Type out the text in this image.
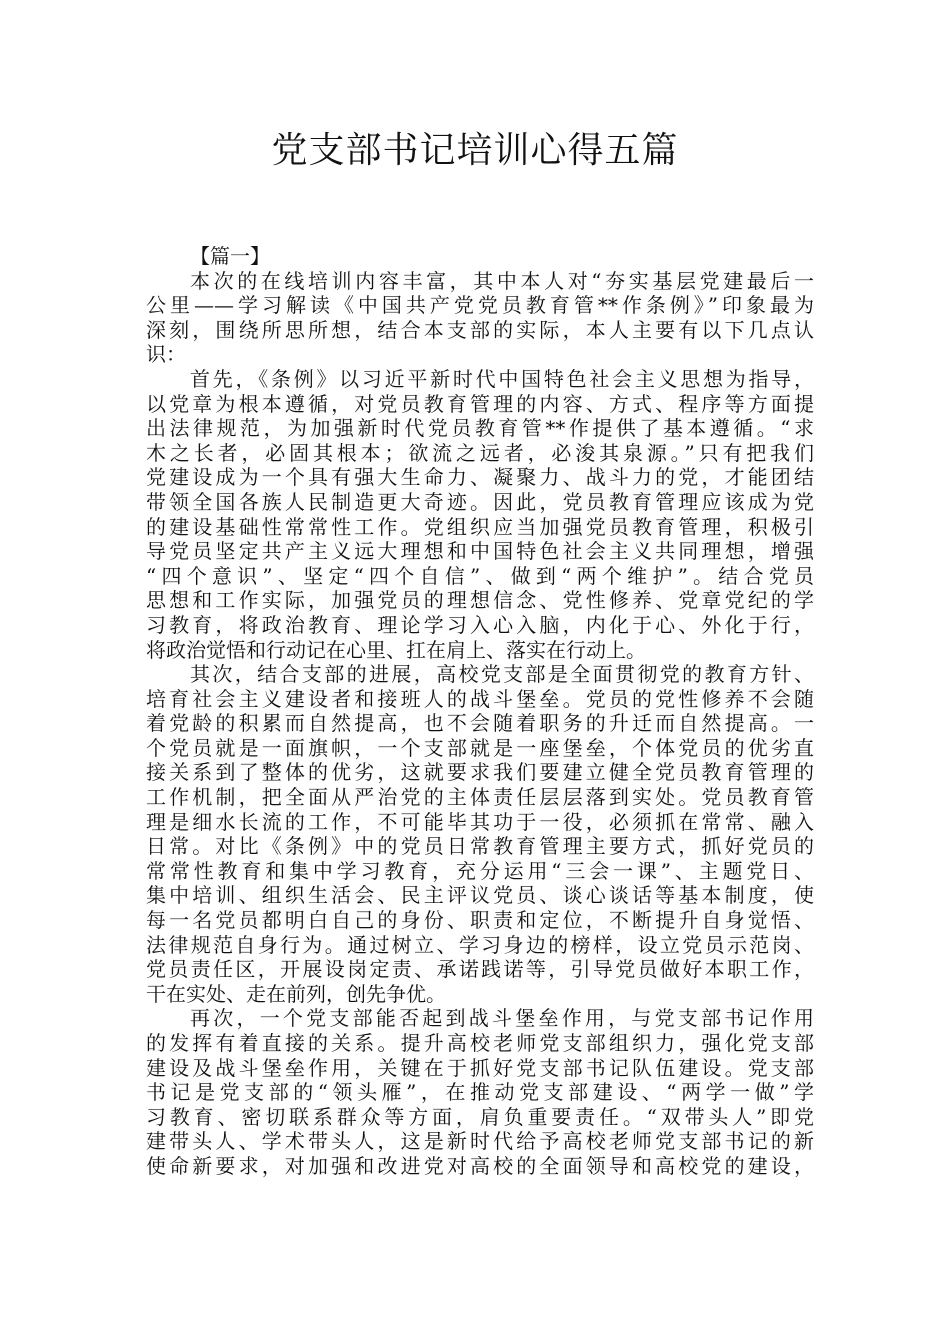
党支部书记培训心得五篇

【篇一】

本次的在线培训内容丰富，其中本人对“夯实基层党建最后一
公里——学习解读《中国共产党党员教育管**作条例》”印象最为
深刻，围绕所思所想，结合本支部的实际，本人主要有以下几点认
识：

首先，《条例》以习近平新时代中国特色社会主义思想为指导，
以党章为根本遵循，对党员教育管理的内容、方式、程序等方面提
出法律规范，为加强新时代党员教育管**作提供了基本遵循。“求
木之长者，必固其根本；欲流之远者，必浚其泉源。”只有把我们
党建设成为一个具有强大生命力、凝聚力、战斗力的党，才能团结
带领全国各族人民制造更大奇迹。因此，党员教育管理应该成为党
的建设基础性常常性工作。党组织应当加强党员教育管理，积极引
导党员坚定共产主义远大理想和中国特色社会主义共同理想，增强
“四个意识”、坚定“四个自信”、做到“两个维护”。结合党员
思想和工作实际，加强党员的理想信念、党性修养、党章党纪的学
习教育，将政治教育、理论学习入心入脑，内化于心、外化于行，
将政治觉悟和行动记在心里、扛在肩上、落实在行动上。

其次，结合支部的进展，高校党支部是全面贯彻党的教育方针、
培育社会主义建设者和接班人的战斗堡垒。党员的党性修养不会随
着党龄的积累而自然提高，也不会随着职务的升迁而自然提高。一
个党员就是一面旗帜，一个支部就是一座堡垒，个体党员的优劣直
接关系到了整体的优劣，这就要求我们要建立健全党员教育管理的
工作机制，把全面从严治党的主体责任层层落到实处。党员教育管
理是细水长流的工作，不可能毕其功于一役，必须抓在常常、融入
日常。对比《条例》中的党员日常教育管理主要方式，抓好党员的
常常性教育和集中学习教育，充分运用“三会一课”、主题党日、
集中培训、组织生活会、民主评议党员、谈心谈话等基本制度，使
每一名党员都明白自己的身份、职责和定位，不断提升自身觉悟、
法律规范自身行为。通过树立、学习身边的榜样，设立党员示范岗、
党员责任区，开展设岗定责、承诺践诺等，引导党员做好本职工作，
干在实处、走在前列，创先争优。

再次，一个党支部能否起到战斗堡垒作用，与党支部书记作用
的发挥有着直接的关系。提升高校老师党支部组织力，强化党支部
建设及战斗堡垒作用，关键在于抓好党支部书记队伍建设。党支部
书记是党支部的“领头雁”，在推动党支部建设、“两学一做”学
习教育、密切联系群众等方面，肩负重要责任。“双带头人”即党
建带头人、学术带头人，这是新时代给予高校老师党支部书记的新
使命新要求，对加强和改进党对高校的全面领导和高校党的建设，
